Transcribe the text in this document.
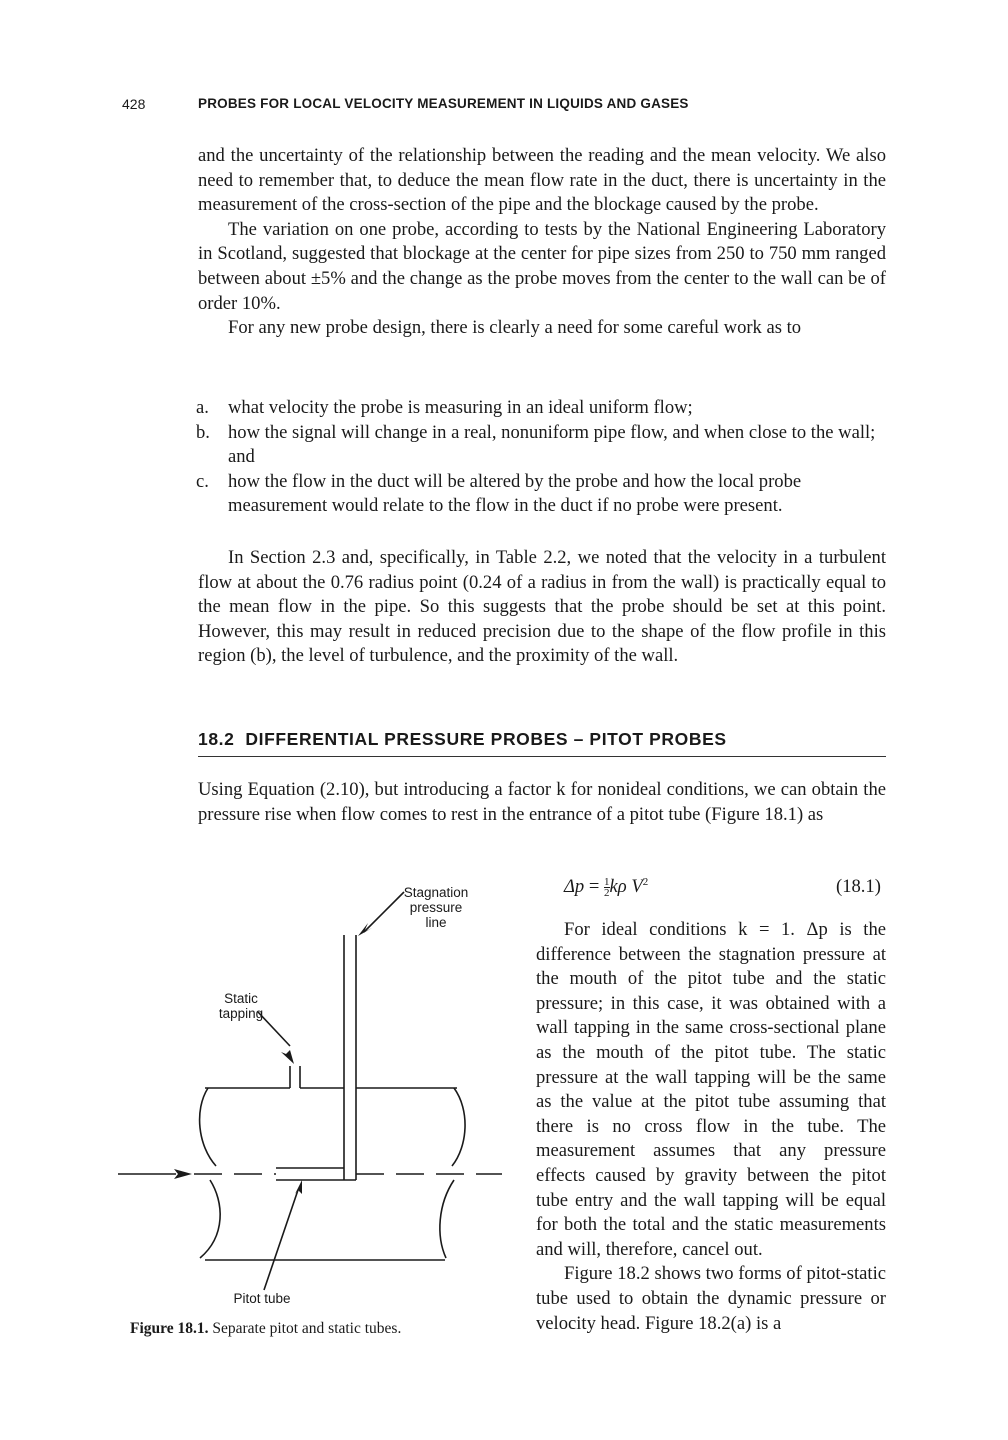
428	PROBES FOR LOCAL VELOCITY MEASUREMENT IN LIQUIDS AND GASES

and the uncertainty of the relationship between the reading and the mean velocity. We also need to remember that, to deduce the mean flow rate in the duct, there is uncertainty in the measurement of the cross-section of the pipe and the blockage caused by the probe.

The variation on one probe, according to tests by the National Engineering Laboratory in Scotland, suggested that blockage at the center for pipe sizes from 250 to 750 mm ranged between about ±5% and the change as the probe moves from the center to the wall can be of order 10%.

For any new probe design, there is clearly a need for some careful work as to

a. what velocity the probe is measuring in an ideal uniform flow;
b. how the signal will change in a real, nonuniform pipe flow, and when close to the wall; and
c. how the flow in the duct will be altered by the probe and how the local probe measurement would relate to the flow in the duct if no probe were present.

In Section 2.3 and, specifically, in Table 2.2, we noted that the velocity in a turbulent flow at about the 0.76 radius point (0.24 of a radius in from the wall) is practically equal to the mean flow in the pipe. So this suggests that the probe should be set at this point. However, this may result in reduced precision due to the shape of the flow profile in this region (b), the level of turbulence, and the proximity of the wall.

18.2 DIFFERENTIAL PRESSURE PROBES – PITOT PROBES

Using Equation (2.10), but introducing a factor k for nonideal conditions, we can obtain the pressure rise when flow comes to rest in the entrance of a pitot tube (Figure 18.1) as

Stagnation
pressure
line
Static
tapping
Pitot tube
Figure 18.1. Separate pitot and static tubes.
$\Delta p = \frac{1}{2}$ kρ $V^2$	(18.1)

For ideal conditions k = 1. Δp is the difference between the stagnation pressure at the mouth of the pitot tube and the static pressure; in this case, it was obtained with a wall tapping in the same cross-sectional plane as the mouth of the pitot tube. The static pressure at the wall tapping will be the same as the value at the pitot tube assuming that there is no cross flow in the tube. The measurement assumes that any pressure effects caused by gravity between the pitot tube entry and the wall tapping will be equal for both the total and the static measurements and will, therefore, cancel out.

Figure 18.2 shows two forms of pitot-static tube used to obtain the dynamic pressure or velocity head. Figure 18.2(a) is a
